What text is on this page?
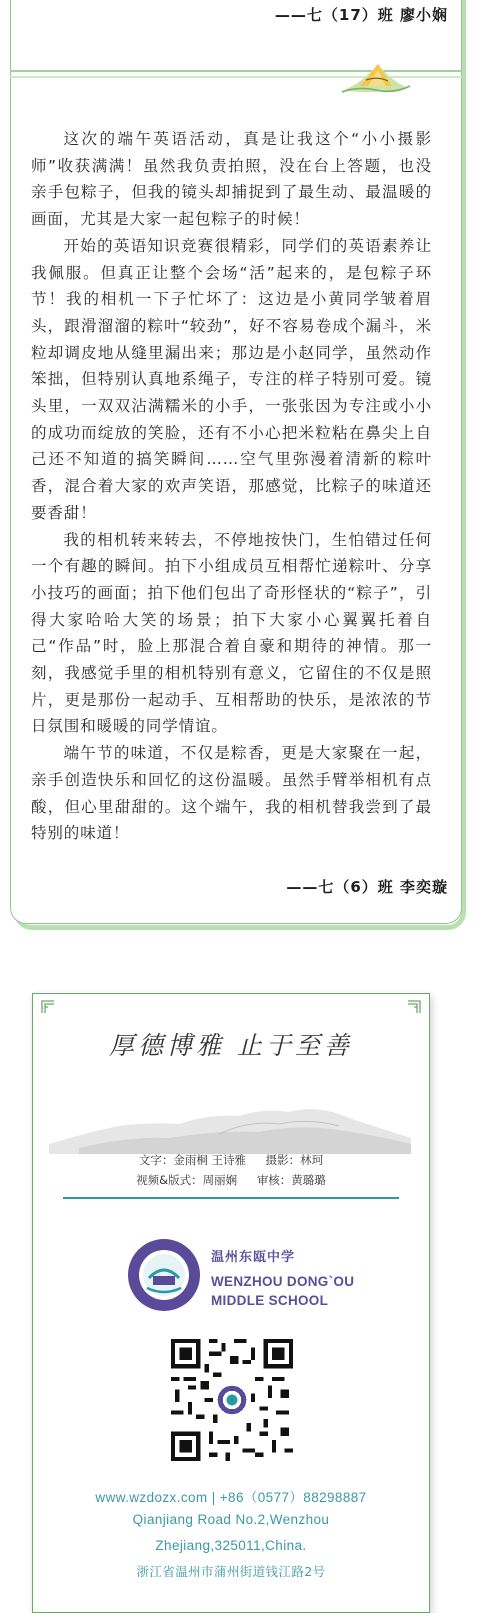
——七（17）班 廖小娴

这次的端午英语活动，真是让我这个“小小摄影师”收获满满！虽然我负责拍照，没在台上答题，也没亲手包粽子，但我的镜头却捕捉到了最生动、最温暖的画面，尤其是大家一起包粽子的时候！

开始的英语知识竞赛很精彩，同学们的英语素养让我佩服。但真正让整个会场“活”起来的，是包粽子环节！我的相机一下子忙坏了：这边是小黄同学皱着眉头，跟滑溜溜的粽叶“较劲”，好不容易卷成个漏斗，米粒却调皮地从缝里漏出来；那边是小赵同学，虽然动作笨拙，但特别认真地系绳子，专注的样子特别可爱。镜头里，一双双沾满糯米的小手，一张张因为专注或小小的成功而绽放的笑脸，还有不小心把米粒粘在鼻尖上自己还不知道的搞笑瞬间……空气里弥漫着清新的粽叶香，混合着大家的欢声笑语，那感觉，比粽子的味道还要香甜！

我的相机转来转去，不停地按快门，生怕错过任何一个有趣的瞬间。拍下小组成员互相帮忙递粽叶、分享小技巧的画面；拍下他们包出了奇形怪状的“粽子”，引得大家哈哈大笑的场景；拍下大家小心翼翼托着自己“作品”时，脸上那混合着自豪和期待的神情。那一刻，我感觉手里的相机特别有意义，它留住的不仅是照片，更是那份一起动手、互相帮助的快乐，是浓浓的节日氛围和暖暖的同学情谊。

端午节的味道，不仅是粽香，更是大家聚在一起，亲手创造快乐和回忆的这份温暖。虽然手臂举相机有点酸，但心里甜甜的。这个端午，我的相机替我尝到了最特别的味道！

——七（6）班 李奕璇
厚德博雅 止于至善
文字：金雨桐 王诗雅 摄影：林珂
视频&版式：周丽娴 审核：黄璐璐
温州东瓯中学
WENZHOU DONG`OU
MIDDLE SCHOOL
www.wzdozx.com | +86（0577）88298887
Qianjiang Road No.2,Wenzhou
Zhejiang,325011,China.
浙江省温州市蒲州街道钱江路2号
